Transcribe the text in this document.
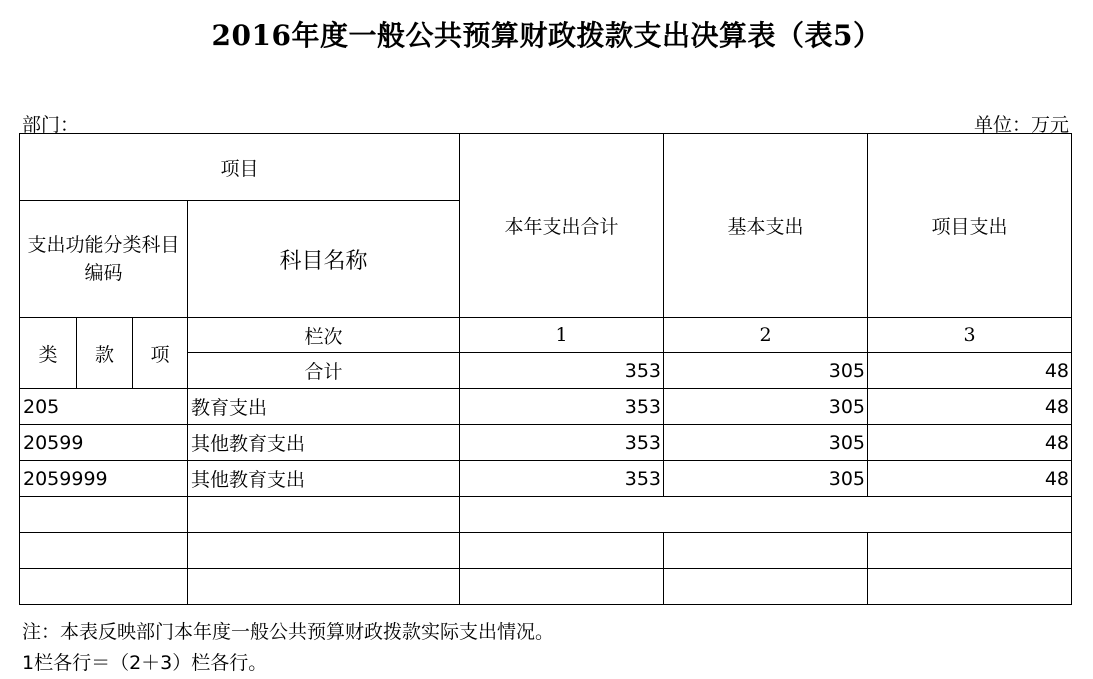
2016年度一般公共预算财政拨款支出决算表（表5）
部门：	单位：万元
项目				本年支出合计	基本支出	项目支出
支出功能分类科目编码			科目名称			
类	款	项	栏次	1	2	3
			合计	353	305	48
205			教育支出	353	305	48
20599			其他教育支出	353	305	48
2059999			其他教育支出	353	305	48

注：本表反映部门本年度一般公共预算财政拨款实际支出情况。
1栏各行＝（2＋3）栏各行。
